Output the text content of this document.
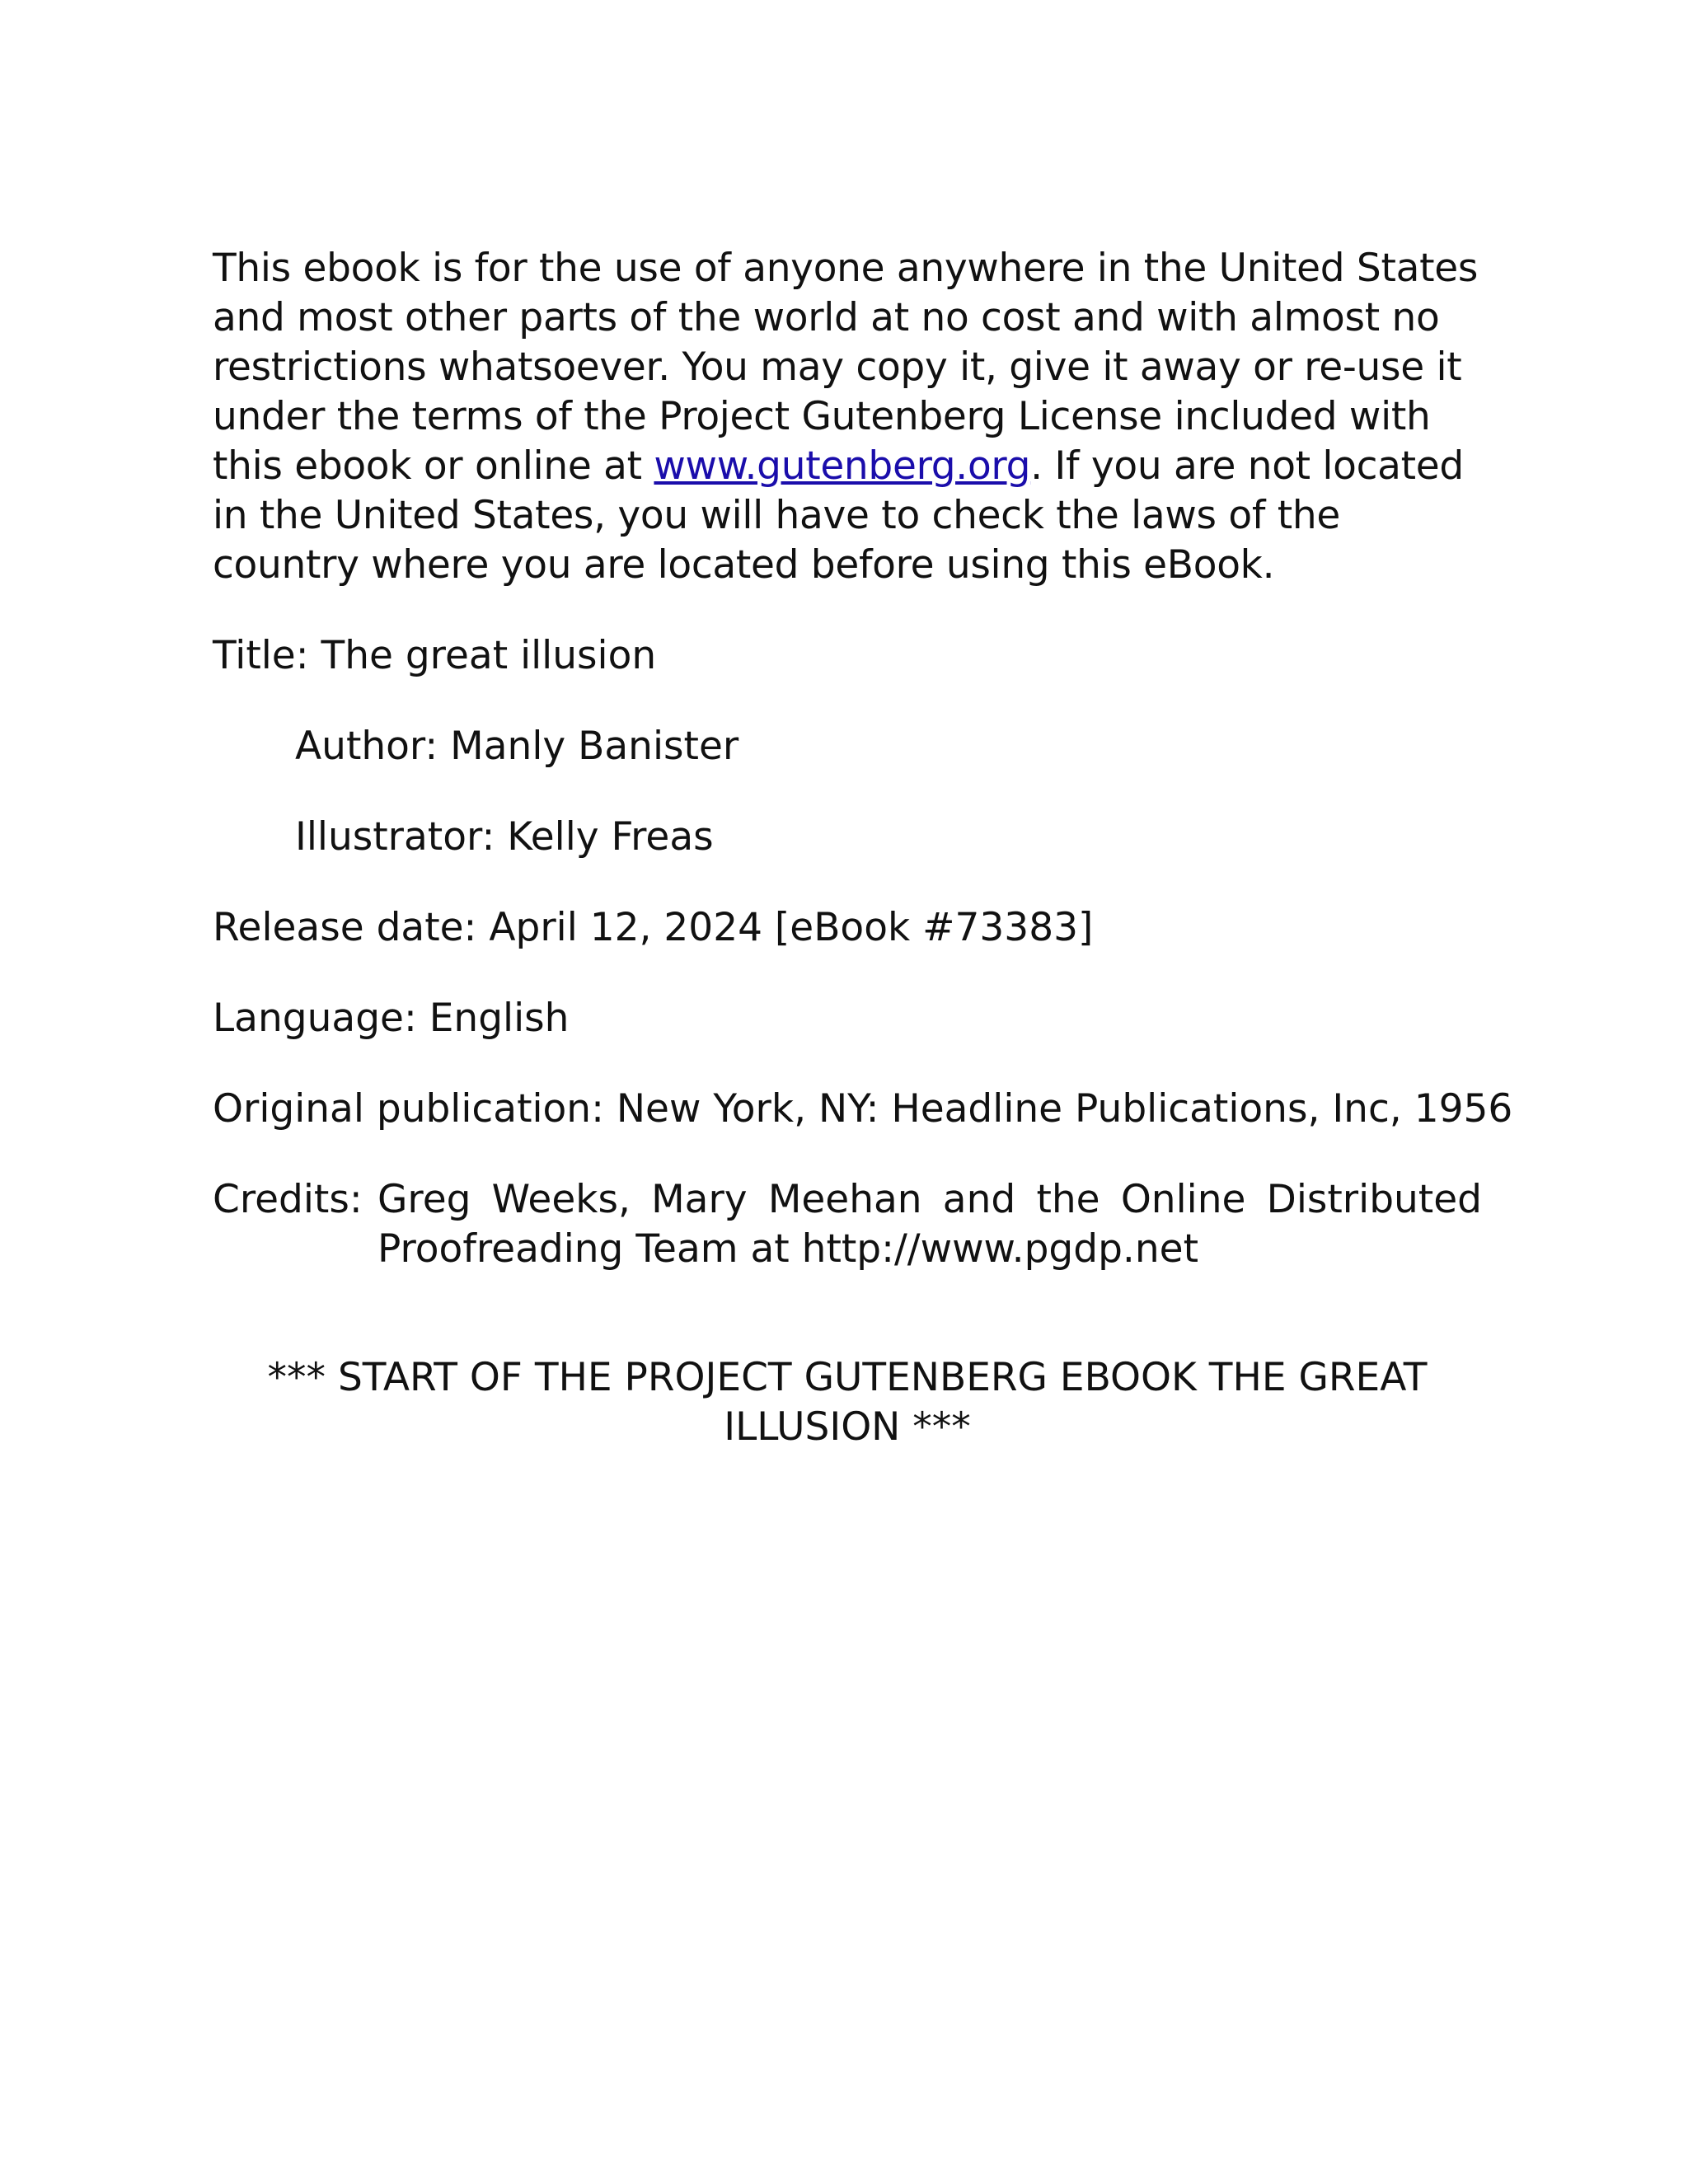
This ebook is for the use of anyone anywhere in the United States and most other parts of the world at no cost and with almost no restrictions whatsoever. You may copy it, give it away or re-use it under the terms of the Project Gutenberg License included with this ebook or online at www.gutenberg.org. If you are not located in the United States, you will have to check the laws of the country where you are located before using this eBook.

Title: The great illusion

Author: Manly Banister

Illustrator: Kelly Freas

Release date: April 12, 2024 [eBook #73383]

Language: English

Original publication: New York, NY: Headline Publications, Inc, 1956

Credits: Greg Weeks, Mary Meehan and the Online Distributed Proofreading Team at http://www.pgdp.net

*** START OF THE PROJECT GUTENBERG EBOOK THE GREAT ILLUSION ***
